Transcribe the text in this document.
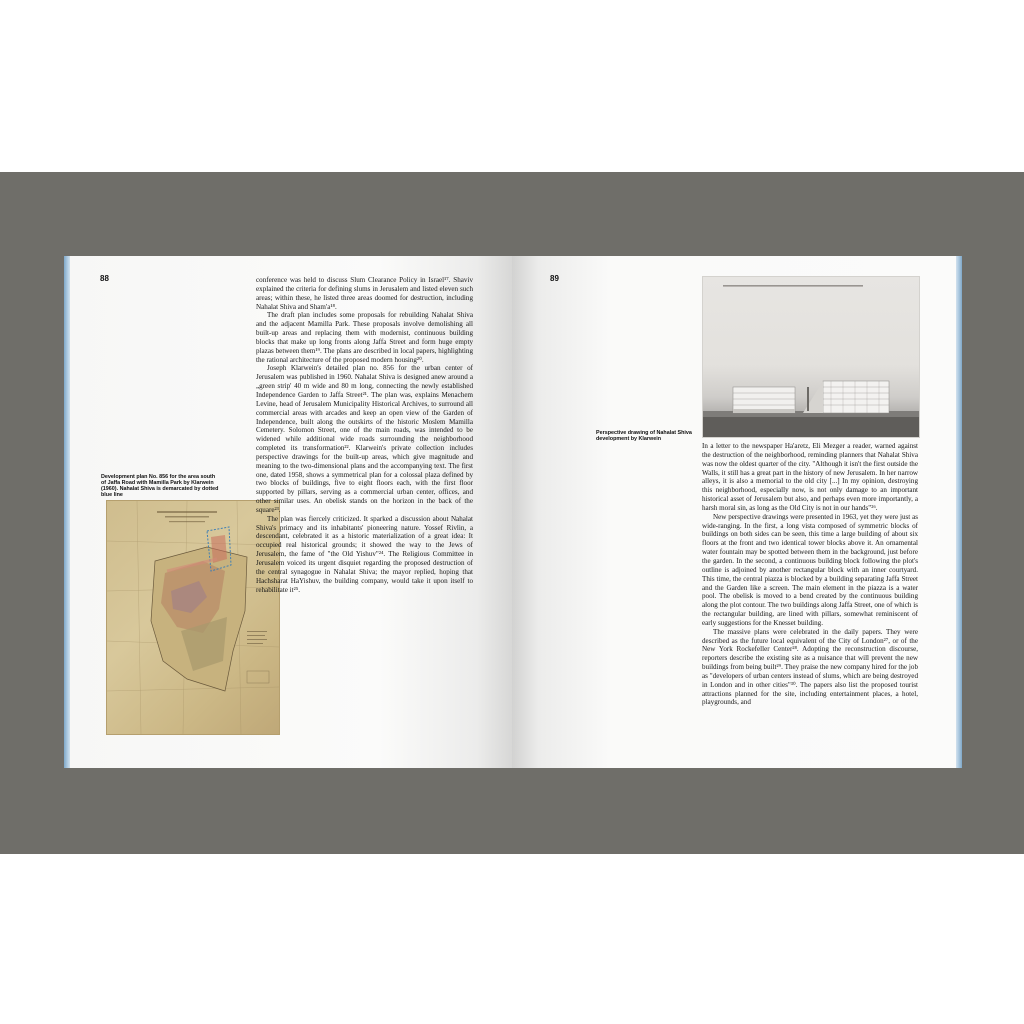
88
Development plan No. 856 for the area south of Jaffa Road with Mamilla Park by Klarwein (1960). Nahalat Shiva is demarcated by dotted blue line

conference was held to discuss Slum Clearance Policy in Israel¹⁷. Shaviv explained the criteria for defining slums in Jerusalem and listed eleven such areas; within these, he listed three areas doomed for destruction, including Nahalat Shiva and Sham'a¹⁸.

The draft plan includes some proposals for rebuilding Nahalat Shiva and the adjacent Mamilla Park. These proposals involve demolishing all built-up areas and replacing them with modernist, continuous building blocks that make up long fronts along Jaffa Street and form huge empty plazas between them¹⁹. The plans are described in local papers, highlighting the rational architecture of the proposed modern housing²⁰.

Joseph Klarwein's detailed plan no. 856 for the urban center of Jerusalem was published in 1960. Nahalat Shiva is designed anew around a „green strip' 40 m wide and 80 m long, connecting the newly established Independence Garden to Jaffa Street²¹. The plan was, explains Menachem Levine, head of Jerusalem Municipality Historical Archives, to surround all commercial areas with arcades and keep an open view of the Garden of Independence, built along the outskirts of the historic Moslem Mamilla Cemetery. Solomon Street, one of the main roads, was intended to be widened while additional wide roads surrounding the neighborhood completed its transformation²². Klarwein's private collection includes perspective drawings for the built-up areas, which give magnitude and meaning to the two-dimensional plans and the accompanying text. The first one, dated 1958, shows a symmetrical plan for a colossal plaza defined by two blocks of buildings, five to eight floors each, with the first floor supported by pillars, serving as a commercial urban center, offices, and other similar uses. An obelisk stands on the horizon in the back of the square²³.

The plan was fiercely criticized. It sparked a discussion about Nahalat Shiva's primacy and its inhabitants' pioneering nature. Yossef Rivlin, a descendant, celebrated it as a historic materialization of a great idea: It occupied real historical grounds; it showed the way to the Jews of Jerusalem, the fame of "the Old Yishuv"²⁴. The Religious Committee in Jerusalem voiced its urgent disquiet regarding the proposed destruction of the central synagogue in Nahalat Shiva; the mayor replied, hoping that Hachsharat HaYishuv, the building company, would take it upon itself to rehabilitate it²⁵.

89
Perspective drawing of Nahalat Shiva development by Klarwein

In a letter to the newspaper Ha'aretz, Eli Mezger a reader, warned against the destruction of the neighborhood, reminding planners that Nahalat Shiva was now the oldest quarter of the city. "Although it isn't the first outside the Walls, it still has a great part in the history of new Jerusalem. In her narrow alleys, it is also a memorial to the old city [...] In my opinion, destroying this neighborhood, especially now, is not only damage to an important historical asset of Jerusalem but also, and perhaps even more importantly, a harsh moral sin, as long as the Old City is not in our hands"²⁶.

New perspective drawings were presented in 1963, yet they were just as wide-ranging. In the first, a long vista composed of symmetric blocks of buildings on both sides can be seen, this time a large building of about six floors at the front and two identical tower blocks above it. An ornamental water fountain may be spotted between them in the background, just before the garden. In the second, a continuous building block following the plot's outline is adjoined by another rectangular block with an inner courtyard. This time, the central piazza is blocked by a building separating Jaffa Street and the Garden like a screen. The main element in the piazza is a water pool. The obelisk is moved to a bend created by the continuous building along the plot contour. The two buildings along Jaffa Street, one of which is the rectangular building, are lined with pillars, somewhat reminiscent of early suggestions for the Knesset building.

The massive plans were celebrated in the daily papers. They were described as the future local equivalent of the City of London²⁷, or of the New York Rockefeller Center²⁸. Adopting the reconstruction discourse, reporters describe the existing site as a nuisance that will prevent the new buildings from being built²⁹. They praise the new company hired for the job as "developers of urban centers instead of slums, which are being destroyed in London and in other cities"³⁰. The papers also list the proposed tourist attractions planned for the site, including entertainment places, a hotel, playgrounds, and
